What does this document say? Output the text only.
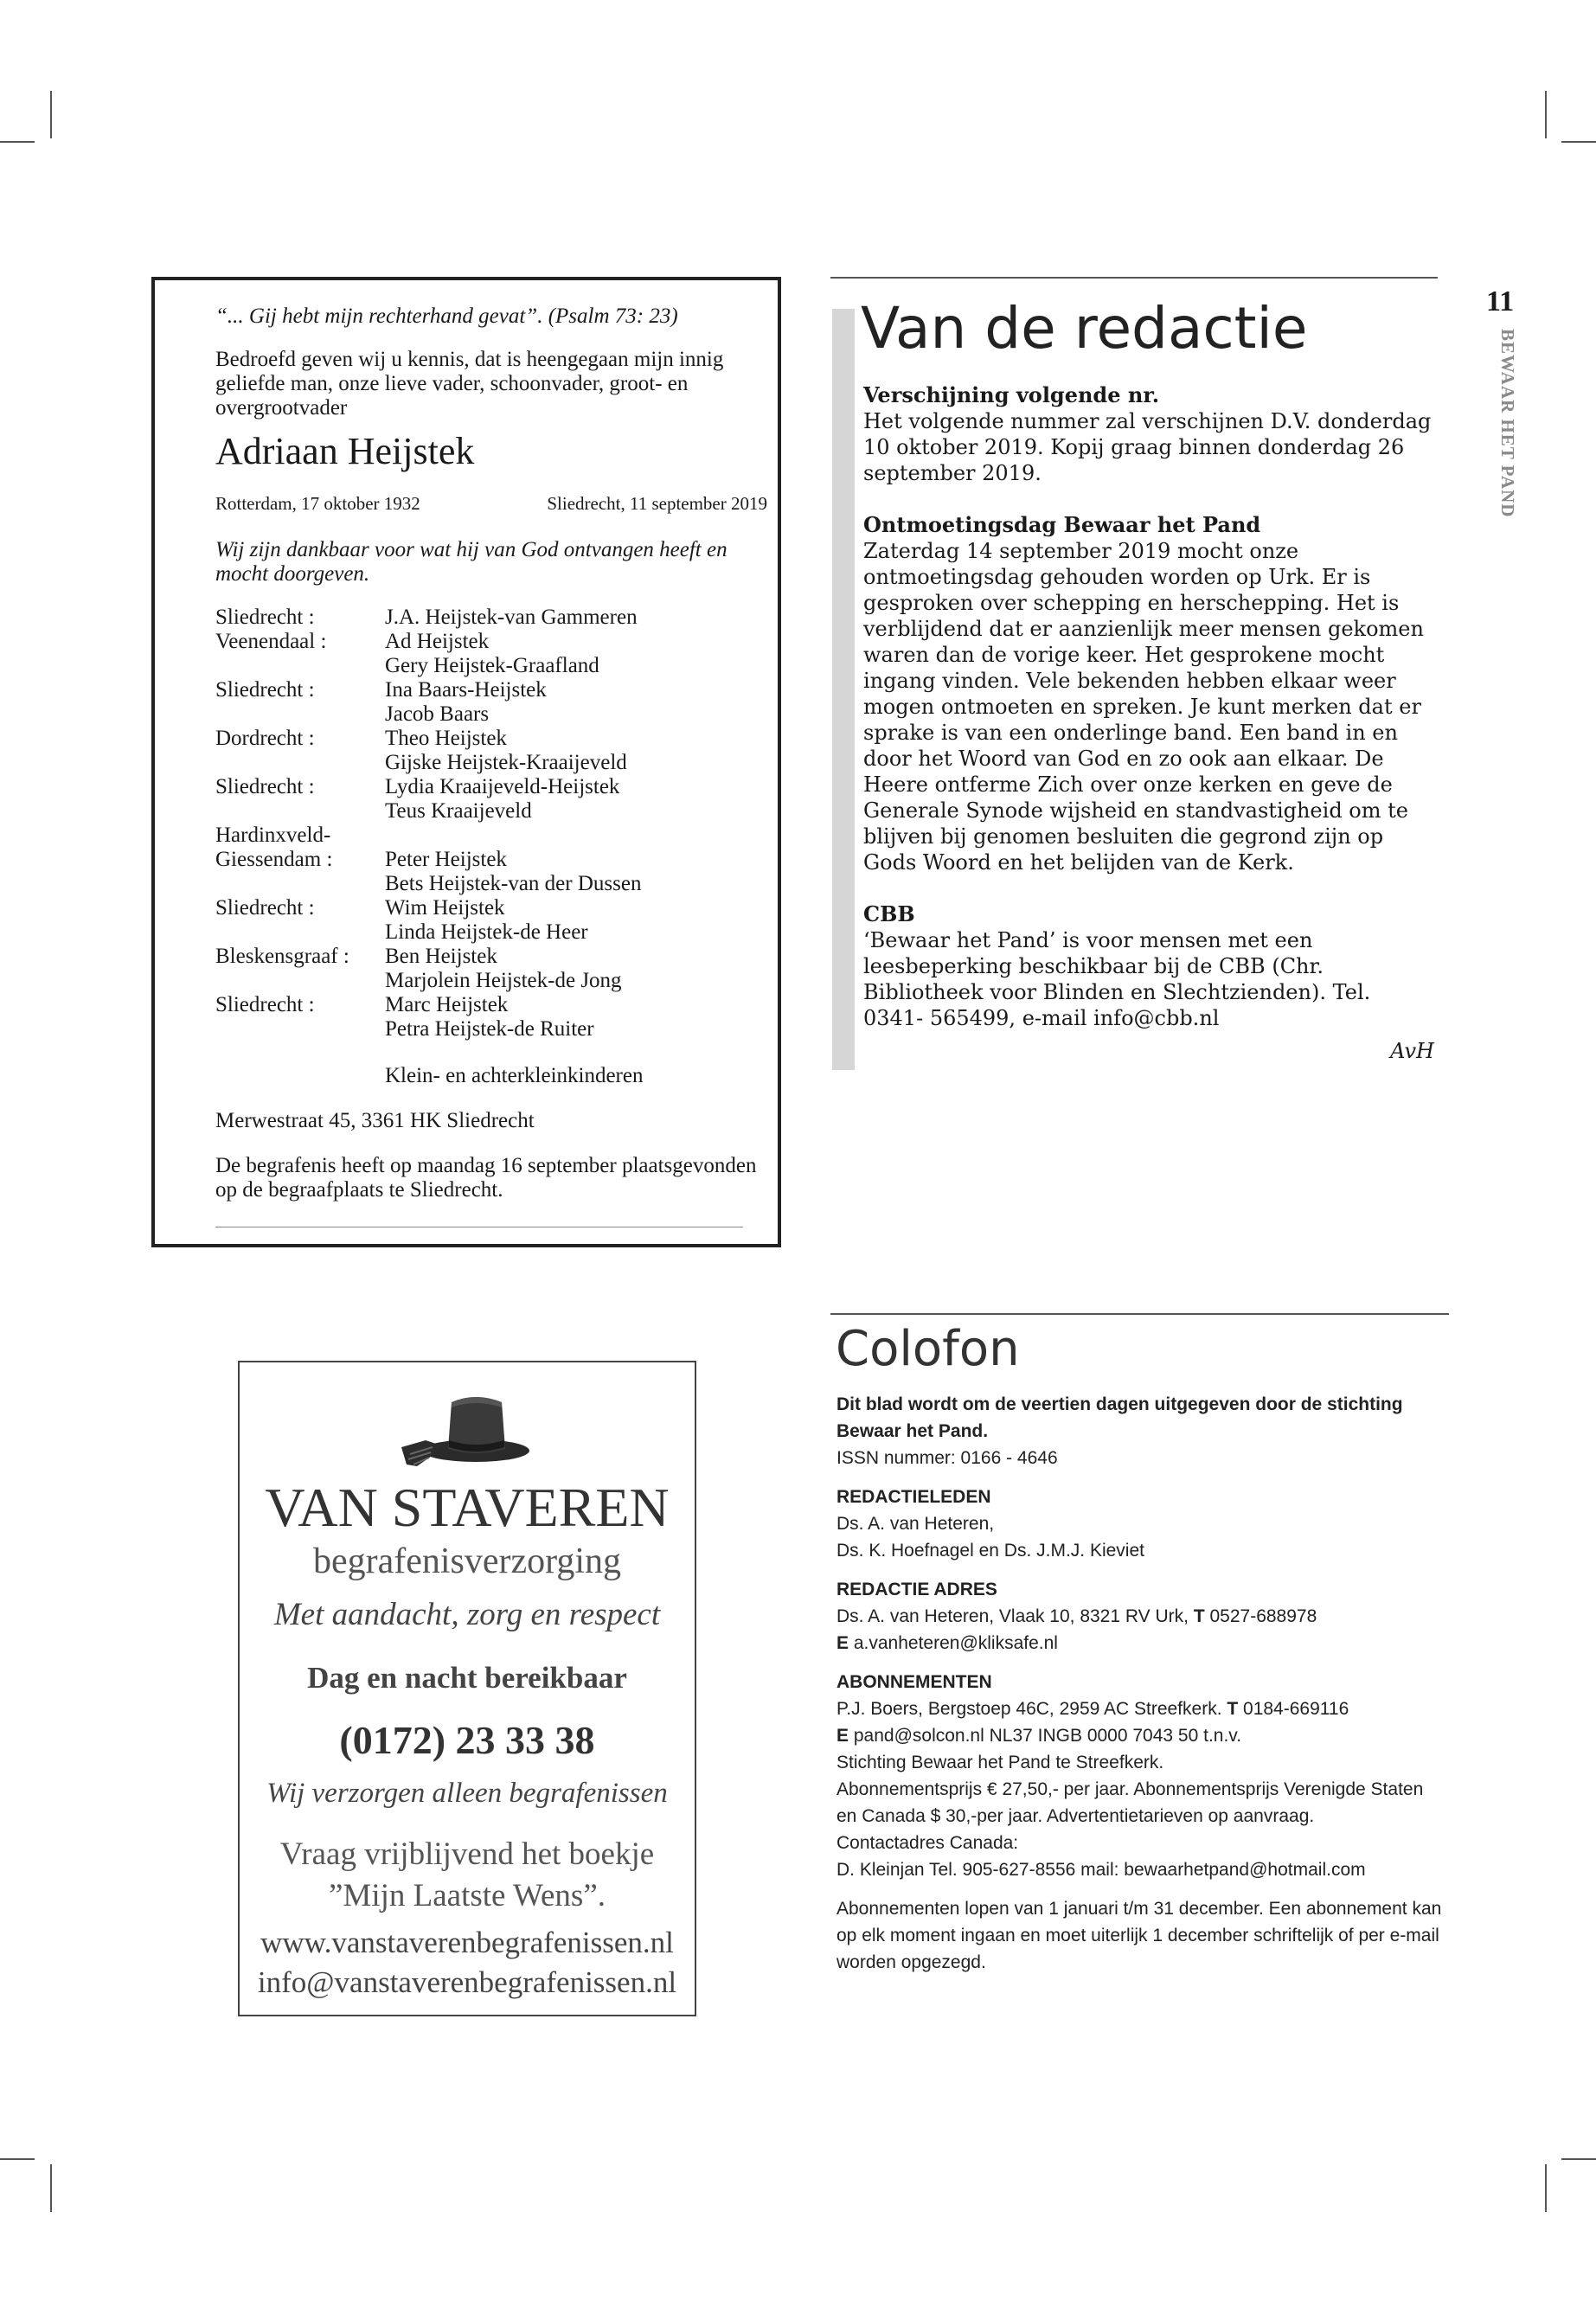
11
BEWAAR HET PAND

“... Gij hebt mijn rechterhand gevat”. (Psalm 73: 23)

Bedroefd geven wij u kennis, dat is heengegaan mijn innig geliefde man, onze lieve vader, schoonvader, groot- en overgrootvader

Adriaan Heijstek

Rotterdam, 17 oktober 1932	Sliedrecht, 11 september 2019

Wij zijn dankbaar voor wat hij van God ontvangen heeft en mocht doorgeven.

Sliedrecht :	J.A. Heijstek-van Gammeren
Veenendaal :	Ad Heijstek
Gery Heijstek-Graafland
Sliedrecht :	Ina Baars-Heijstek
Jacob Baars
Dordrecht :	Theo Heijstek
Gijske Heijstek-Kraaijeveld
Sliedrecht :	Lydia Kraaijeveld-Heijstek
Teus Kraaijeveld
Hardinxveld-
Giessendam :	Peter Heijstek
Bets Heijstek-van der Dussen
Sliedrecht :	Wim Heijstek
Linda Heijstek-de Heer
Bleskensgraaf :	Ben Heijstek
Marjolein Heijstek-de Jong
Sliedrecht :	Marc Heijstek
Petra Heijstek-de Ruiter

Klein- en achterkleinkinderen

Merwestraat 45, 3361 HK Sliedrecht

De begrafenis heeft op maandag 16 september plaatsgevonden op de begraafplaats te Sliedrecht.

Van de redactie
Verschijning volgende nr.

Het volgende nummer zal verschijnen D.V. donderdag 10 oktober 2019. Kopij graag binnen donderdag 26 september 2019.

Ontmoetingsdag Bewaar het Pand

Zaterdag 14 september 2019 mocht onze ontmoetingsdag gehouden worden op Urk. Er is gesproken over schepping en herschepping. Het is verblijdend dat er aanzienlijk meer mensen gekomen waren dan de vorige keer. Het gesprokene mocht ingang vinden. Vele bekenden hebben elkaar weer mogen ontmoeten en spreken. Je kunt merken dat er sprake is van een onderlinge band. Een band in en door het Woord van God en zo ook aan elkaar. De Heere ontferme Zich over onze kerken en geve de Generale Synode wijsheid en standvastigheid om te blijven bij genomen besluiten die gegrond zijn op Gods Woord en het belijden van de Kerk.

CBB

‘Bewaar het Pand’ is voor mensen met een leesbeperking beschikbaar bij de CBB (Chr. Bibliotheek voor Blinden en Slechtzienden). Tel. 0341- 565499, e-mail info@cbb.nl

AvH
VAN STAVEREN
begrafenisverzorging
Met aandacht, zorg en respect
Dag en nacht bereikbaar
(0172) 23 33 38
Wij verzorgen alleen begrafenissen
Vraag vrijblijvend het boekje
”Mijn Laatste Wens”.
www.vanstaverenbegrafenissen.nl
info@vanstaverenbegrafenissen.nl
Colofon

Dit blad wordt om de veertien dagen uitgegeven door de stichting Bewaar het Pand.

ISSN nummer: 0166 - 4646

REDACTIELEDEN

Ds. A. van Heteren,

Ds. K. Hoefnagel en Ds. J.M.J. Kieviet

REDACTIE ADRES

Ds. A. van Heteren, Vlaak 10, 8321 RV Urk, T 0527-688978

E a.vanheteren@kliksafe.nl

ABONNEMENTEN

P.J. Boers, Bergstoep 46C, 2959 AC Streefkerk. T 0184-669116

E pand@solcon.nl NL37 INGB 0000 7043 50 t.n.v.

Stichting Bewaar het Pand te Streefkerk.

Abonnementsprijs € 27,50,- per jaar. Abonnementsprijs Verenigde Staten en Canada $ 30,-per jaar. Advertentietarieven op aanvraag.

Contactadres Canada:

D. Kleinjan Tel. 905-627-8556 mail: bewaarhetpand@hotmail.com

Abonnementen lopen van 1 januari t/m 31 december. Een abonnement kan op elk moment ingaan en moet uiterlijk 1 december schriftelijk of per e-mail worden opgezegd.
